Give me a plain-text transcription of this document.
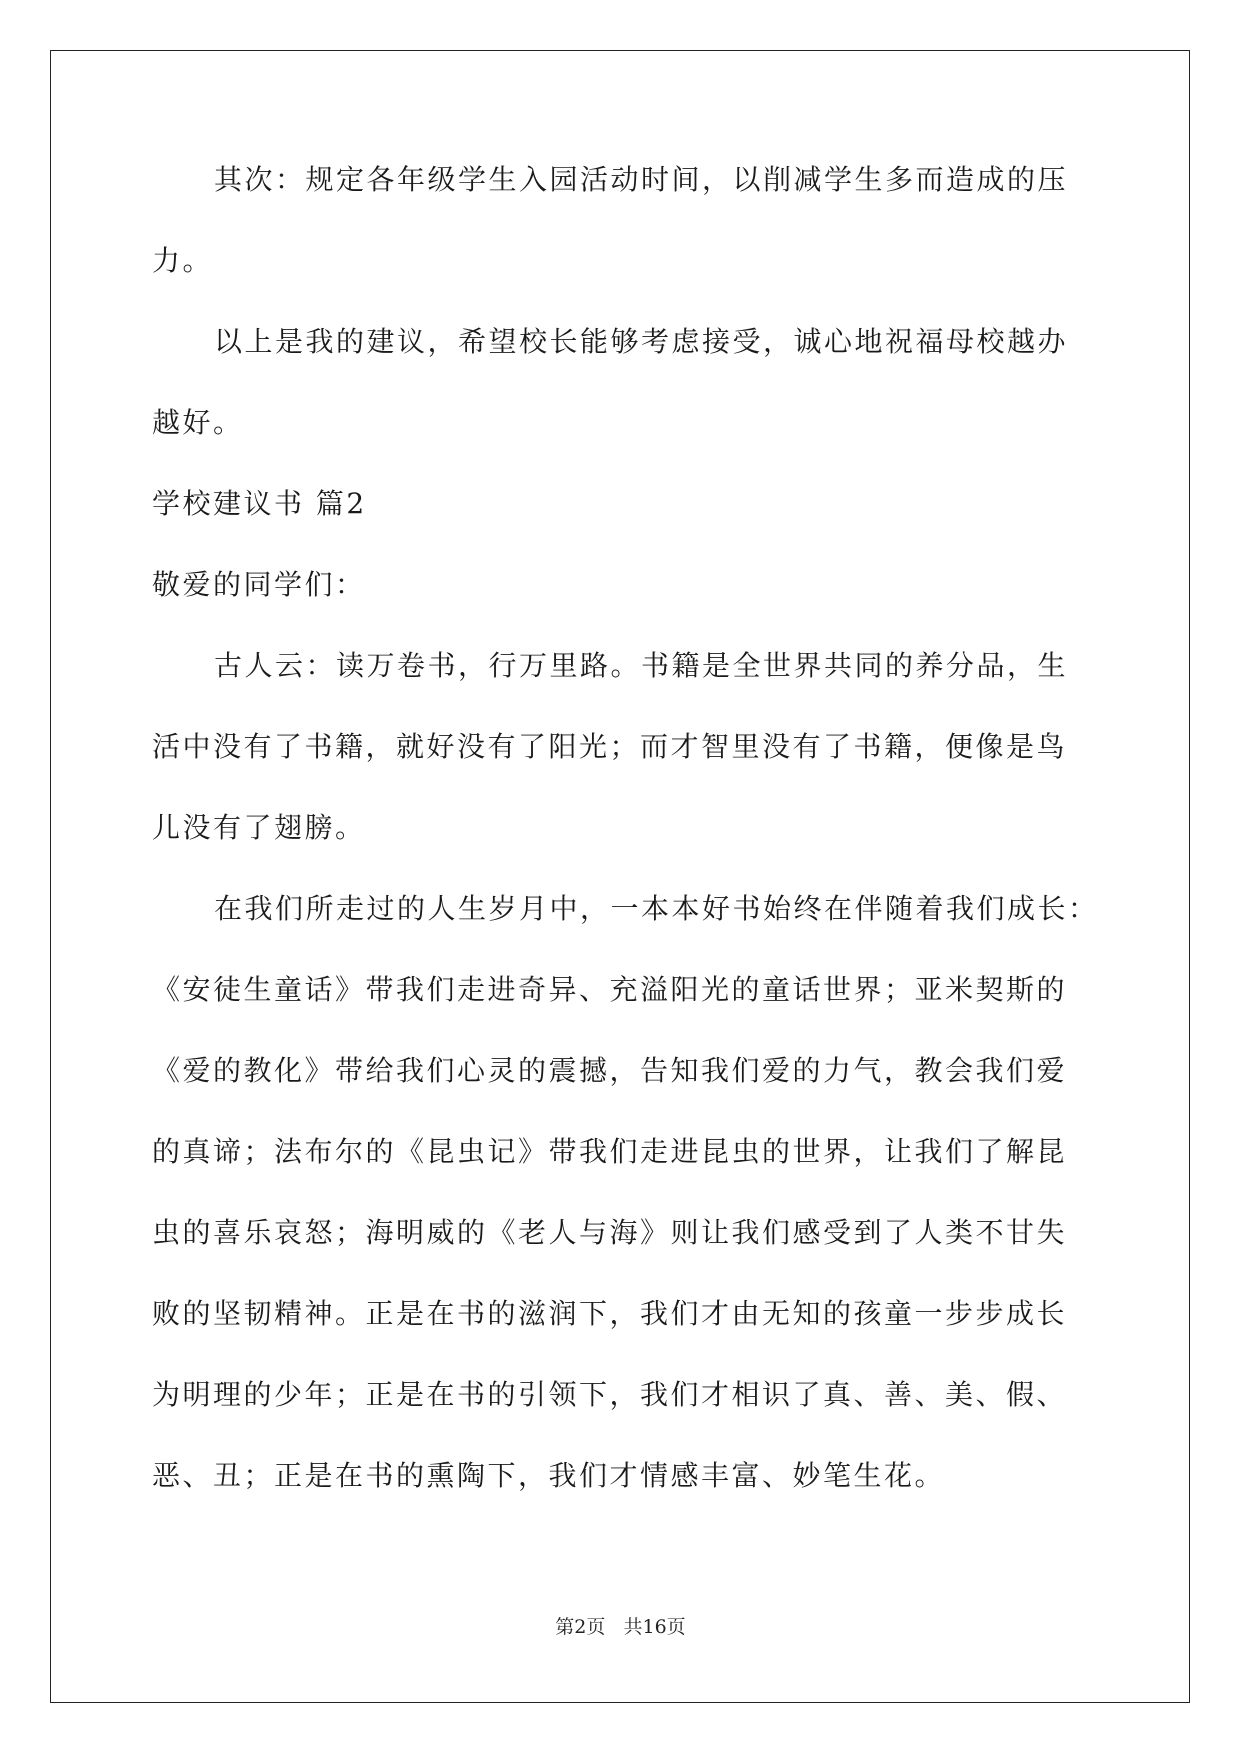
其次：规定各年级学生入园活动时间，以削减学生多而造成的压
力。
以上是我的建议，希望校长能够考虑接受，诚心地祝福母校越办
越好。
学校建议书 篇2
敬爱的同学们：
古人云：读万卷书，行万里路。书籍是全世界共同的养分品，生
活中没有了书籍，就好没有了阳光；而才智里没有了书籍，便像是鸟
儿没有了翅膀。
在我们所走过的人生岁月中，一本本好书始终在伴随着我们成长：
《安徒生童话》带我们走进奇异、充溢阳光的童话世界；亚米契斯的
《爱的教化》带给我们心灵的震撼，告知我们爱的力气，教会我们爱
的真谛；法布尔的《昆虫记》带我们走进昆虫的世界，让我们了解昆
虫的喜乐哀怒；海明威的《老人与海》则让我们感受到了人类不甘失
败的坚韧精神。正是在书的滋润下，我们才由无知的孩童一步步成长
为明理的少年；正是在书的引领下，我们才相识了真、善、美、假、
恶、丑；正是在书的熏陶下，我们才情感丰富、妙笔生花。
第2页   共16页
